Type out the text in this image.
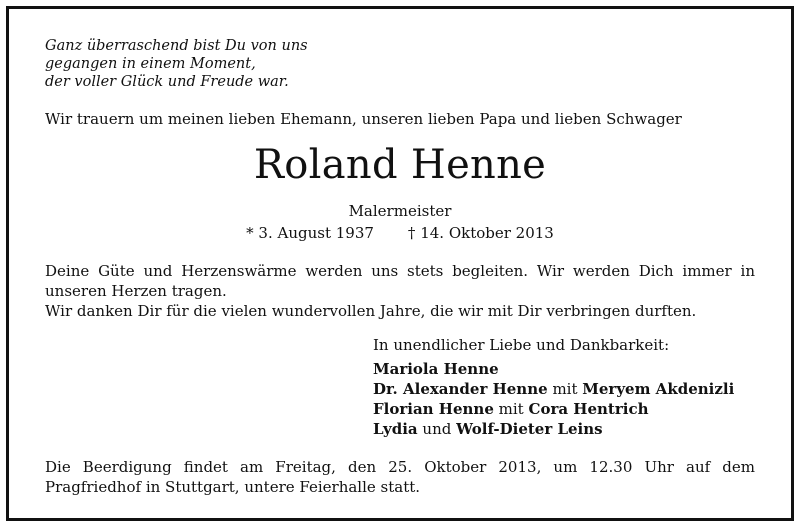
Ganz überraschend bist Du von uns
gegangen in einem Moment,
der voller Glück und Freude war.
Wir trauern um meinen lieben Ehemann, unseren lieben Papa und lieben Schwager
Roland Henne
Malermeister
* 3. August 1937 † 14. Oktober 2013
Deine Güte und Herzenswärme werden uns stets begleiten. Wir werden Dich immer in unseren Herzen tragen.
Wir danken Dir für die vielen wundervollen Jahre, die wir mit Dir verbringen durften.
In unendlicher Liebe und Dankbarkeit:
Mariola Henne
Dr. Alexander Henne mit Meryem Akdenizli
Florian Henne mit Cora Hentrich
Lydia und Wolf-Dieter Leins
Die Beerdigung findet am Freitag, den 25. Oktober 2013, um 12.30 Uhr auf dem Pragfriedhof in Stuttgart, untere Feierhalle statt.
